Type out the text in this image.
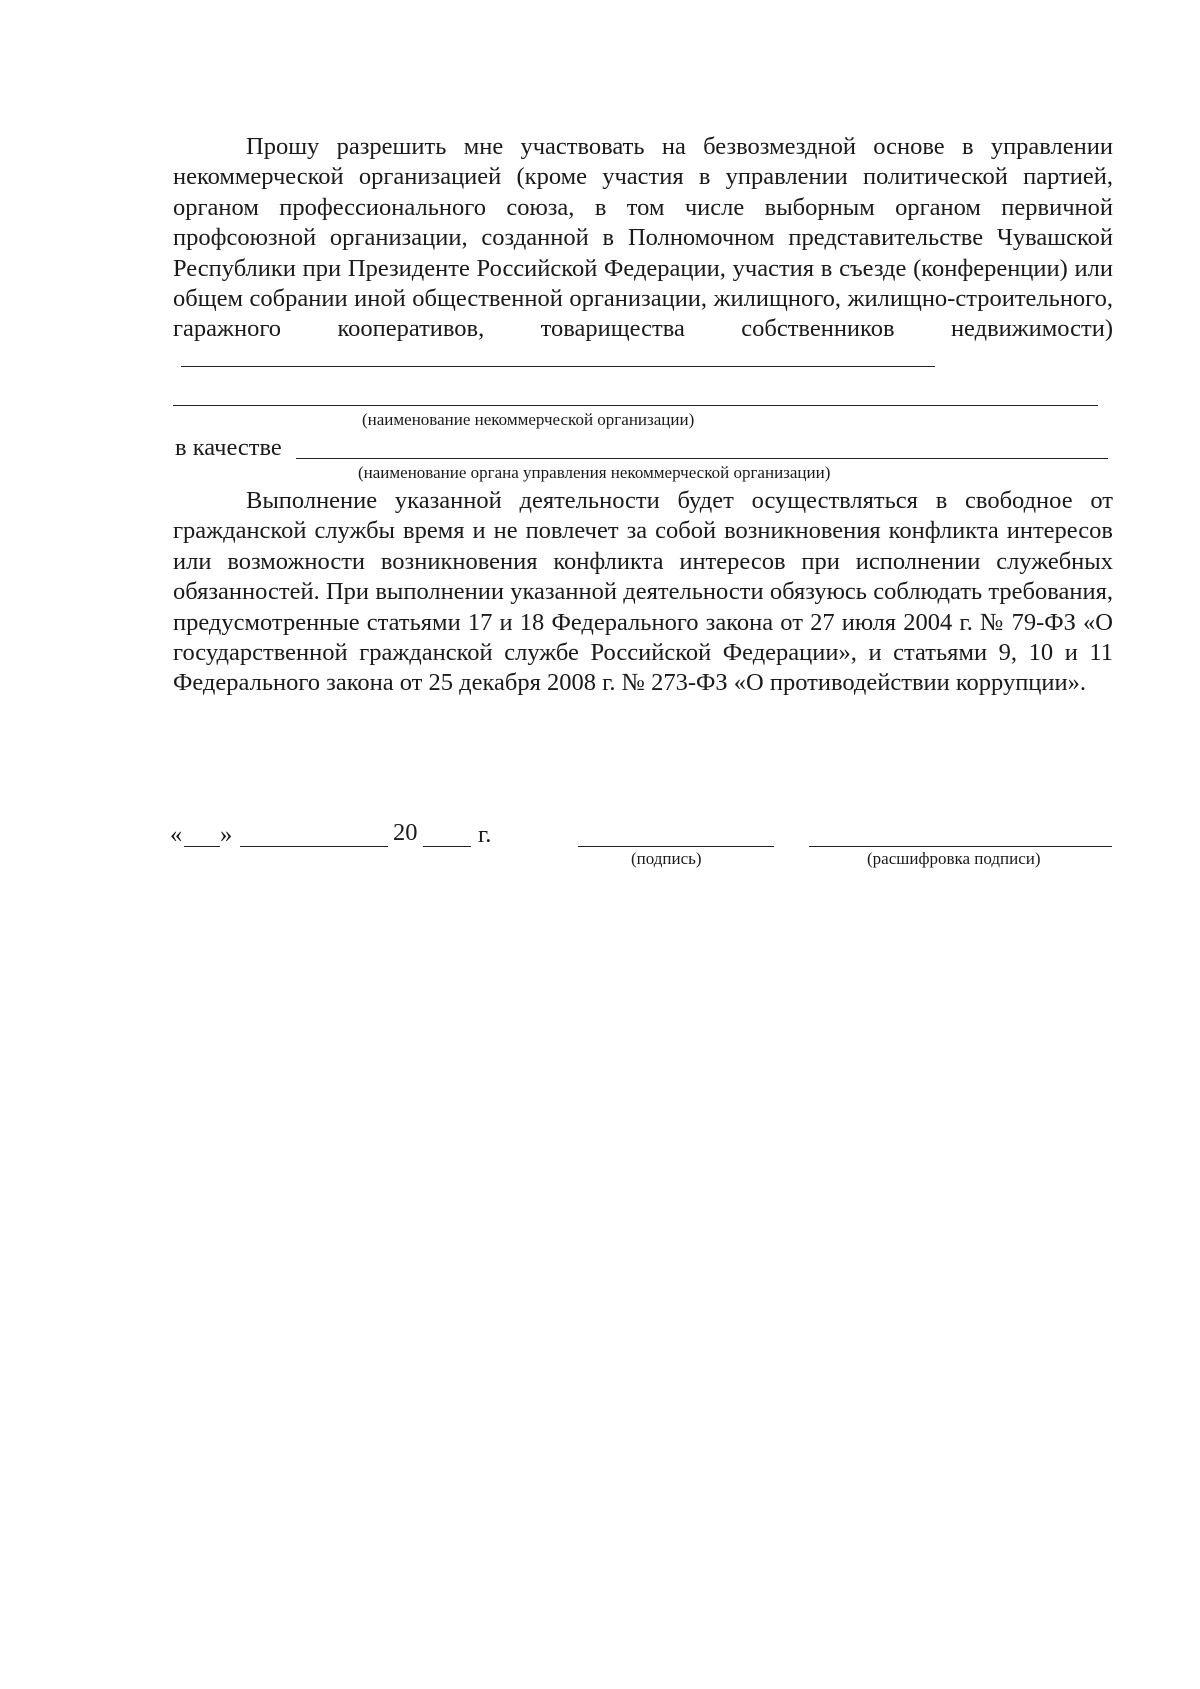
Прошу разрешить мне участвовать на безвозмездной основе в управлении некоммерческой организацией (кроме участия в управлении политической партией, органом профессионального союза, в том числе выборным органом первичной профсоюзной организации, созданной в Полномочном представительстве Чувашской Республики при Президенте Российской Федерации, участия в съезде (конференции) или общем собрании иной общественной организации, жилищного, жилищно-строительного, гаражного кооперативов, товарищества собственников недвижимости)

(наименование некоммерческой организации)
в качестве
(наименование органа управления некоммерческой организации)

Выполнение указанной деятельности будет осуществляться в свободное от гражданской службы время и не повлечет за собой возникновения конфликта интересов или возможности возникновения конфликта интересов при исполнении служебных обязанностей. При выполнении указанной деятельности обязуюсь соблюдать требования, предусмотренные статьями 17 и 18 Федерального закона от 27 июля 2004 г. № 79-ФЗ «О государственной гражданской службе Российской Федерации», и статьями 9, 10 и 11 Федерального закона от 25 декабря 2008 г. № 273-ФЗ «О противодействии коррупции».

« »	20 г.
(подпись)	(расшифровка подписи)
